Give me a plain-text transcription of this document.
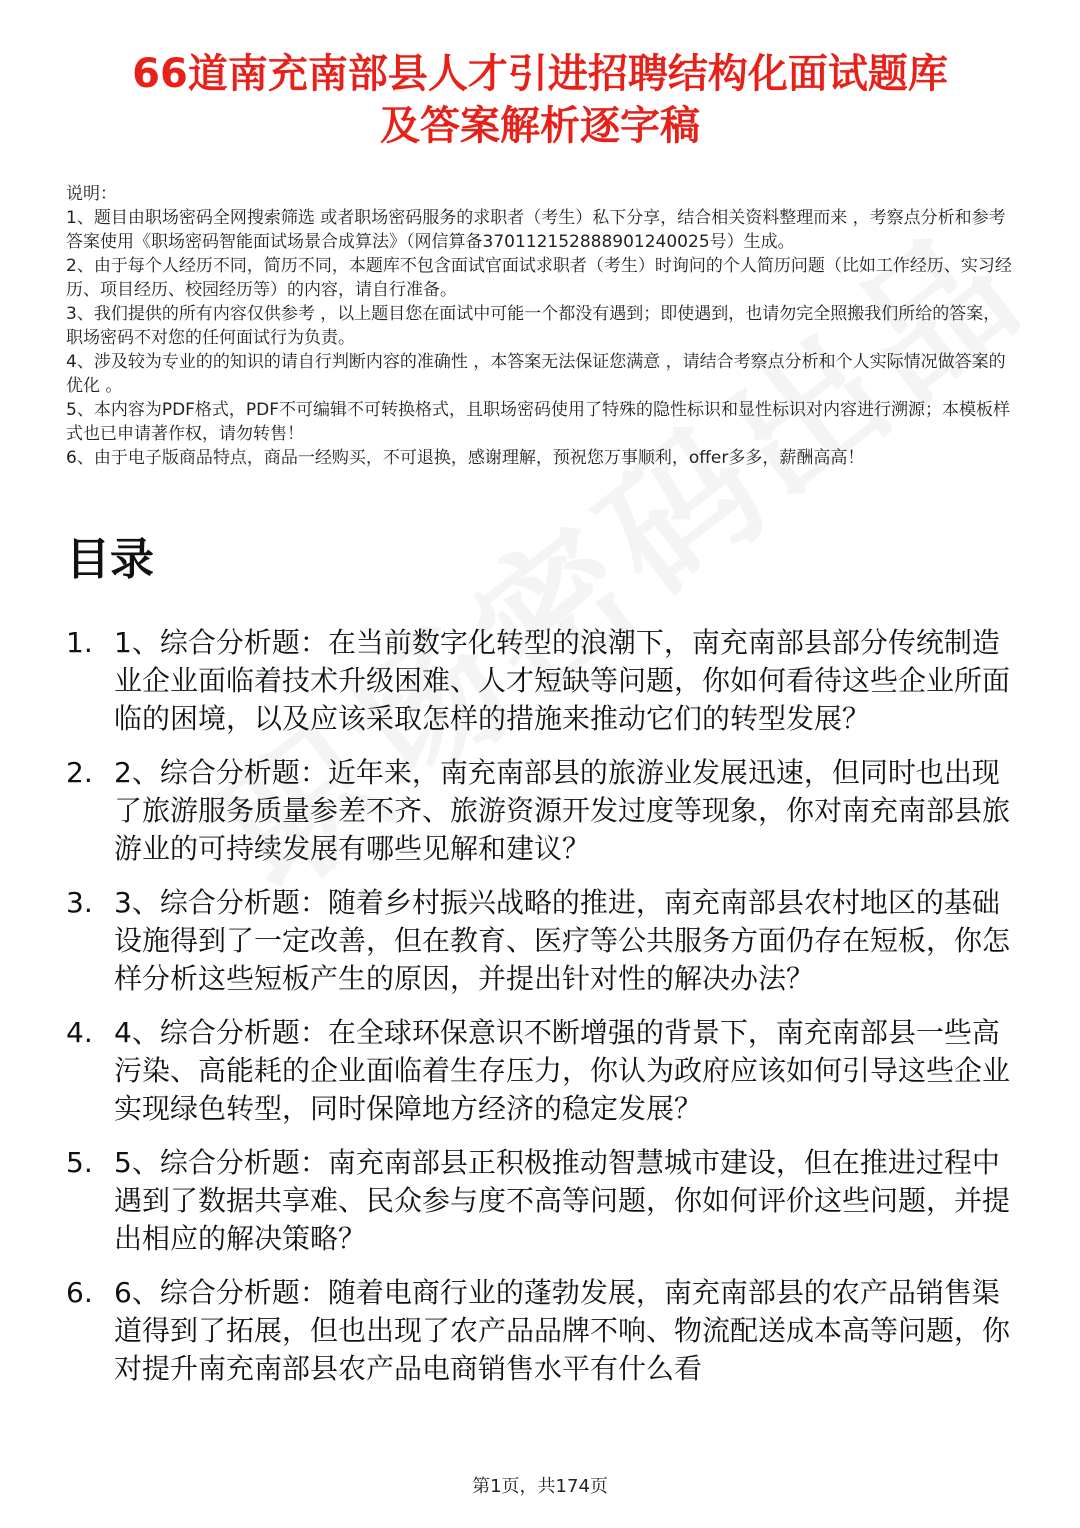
66道南充南部县人才引进招聘结构化面试题库
及答案解析逐字稿

说明：

1、题目由职场密码全网搜索筛选 或者职场密码服务的求职者（考生）私下分享，结合相关资料整理而来 ，考察点分析和参考答案使用《职场密码智能面试场景合成算法》（网信算备370112152888901240025号）生成。

2、由于每个人经历不同，简历不同，本题库不包含面试官面试求职者（考生）时询问的个人简历问题（比如工作经历、实习经历、项目经历、校园经历等）的内容，请自行准备。

3、我们提供的所有内容仅供参考 ，以上题目您在面试中可能一个都没有遇到；即使遇到，也请勿完全照搬我们所给的答案，职场密码不对您的任何面试行为负责。

4、涉及较为专业的的知识的请自行判断内容的准确性 ，本答案无法保证您满意 ，请结合考察点分析和个人实际情况做答案的优化 。

5、本内容为PDF格式，PDF不可编辑不可转换格式，且职场密码使用了特殊的隐性标识和显性标识对内容进行溯源；本模板样式也已申请著作权，请勿转售！

6、由于电子版商品特点，商品一经购买，不可退换，感谢理解，预祝您万事顺利，offer多多，薪酬高高！

目录
1. 1、综合分析题：在当前数字化转型的浪潮下，南充南部县部分传统制造业企业面临着技术升级困难、人才短缺等问题，你如何看待这些企业所面临的困境，以及应该采取怎样的措施来推动它们的转型发展？
2. 2、综合分析题：近年来，南充南部县的旅游业发展迅速，但同时也出现了旅游服务质量参差不齐、旅游资源开发过度等现象，你对南充南部县旅游业的可持续发展有哪些见解和建议？
3. 3、综合分析题：随着乡村振兴战略的推进，南充南部县农村地区的基础设施得到了一定改善，但在教育、医疗等公共服务方面仍存在短板，你怎样分析这些短板产生的原因，并提出针对性的解决办法？
4. 4、综合分析题：在全球环保意识不断增强的背景下，南充南部县一些高污染、高能耗的企业面临着生存压力，你认为政府应该如何引导这些企业实现绿色转型，同时保障地方经济的稳定发展？
5. 5、综合分析题：南充南部县正积极推动智慧城市建设，但在推进过程中遇到了数据共享难、民众参与度不高等问题，你如何评价这些问题，并提出相应的解决策略？
6. 6、综合分析题：随着电商行业的蓬勃发展，南充南部县的农产品销售渠道得到了拓展，但也出现了农产品品牌不响、物流配送成本高等问题，你对提升南充南部县农产品电商销售水平有什么看
第1页，共174页
